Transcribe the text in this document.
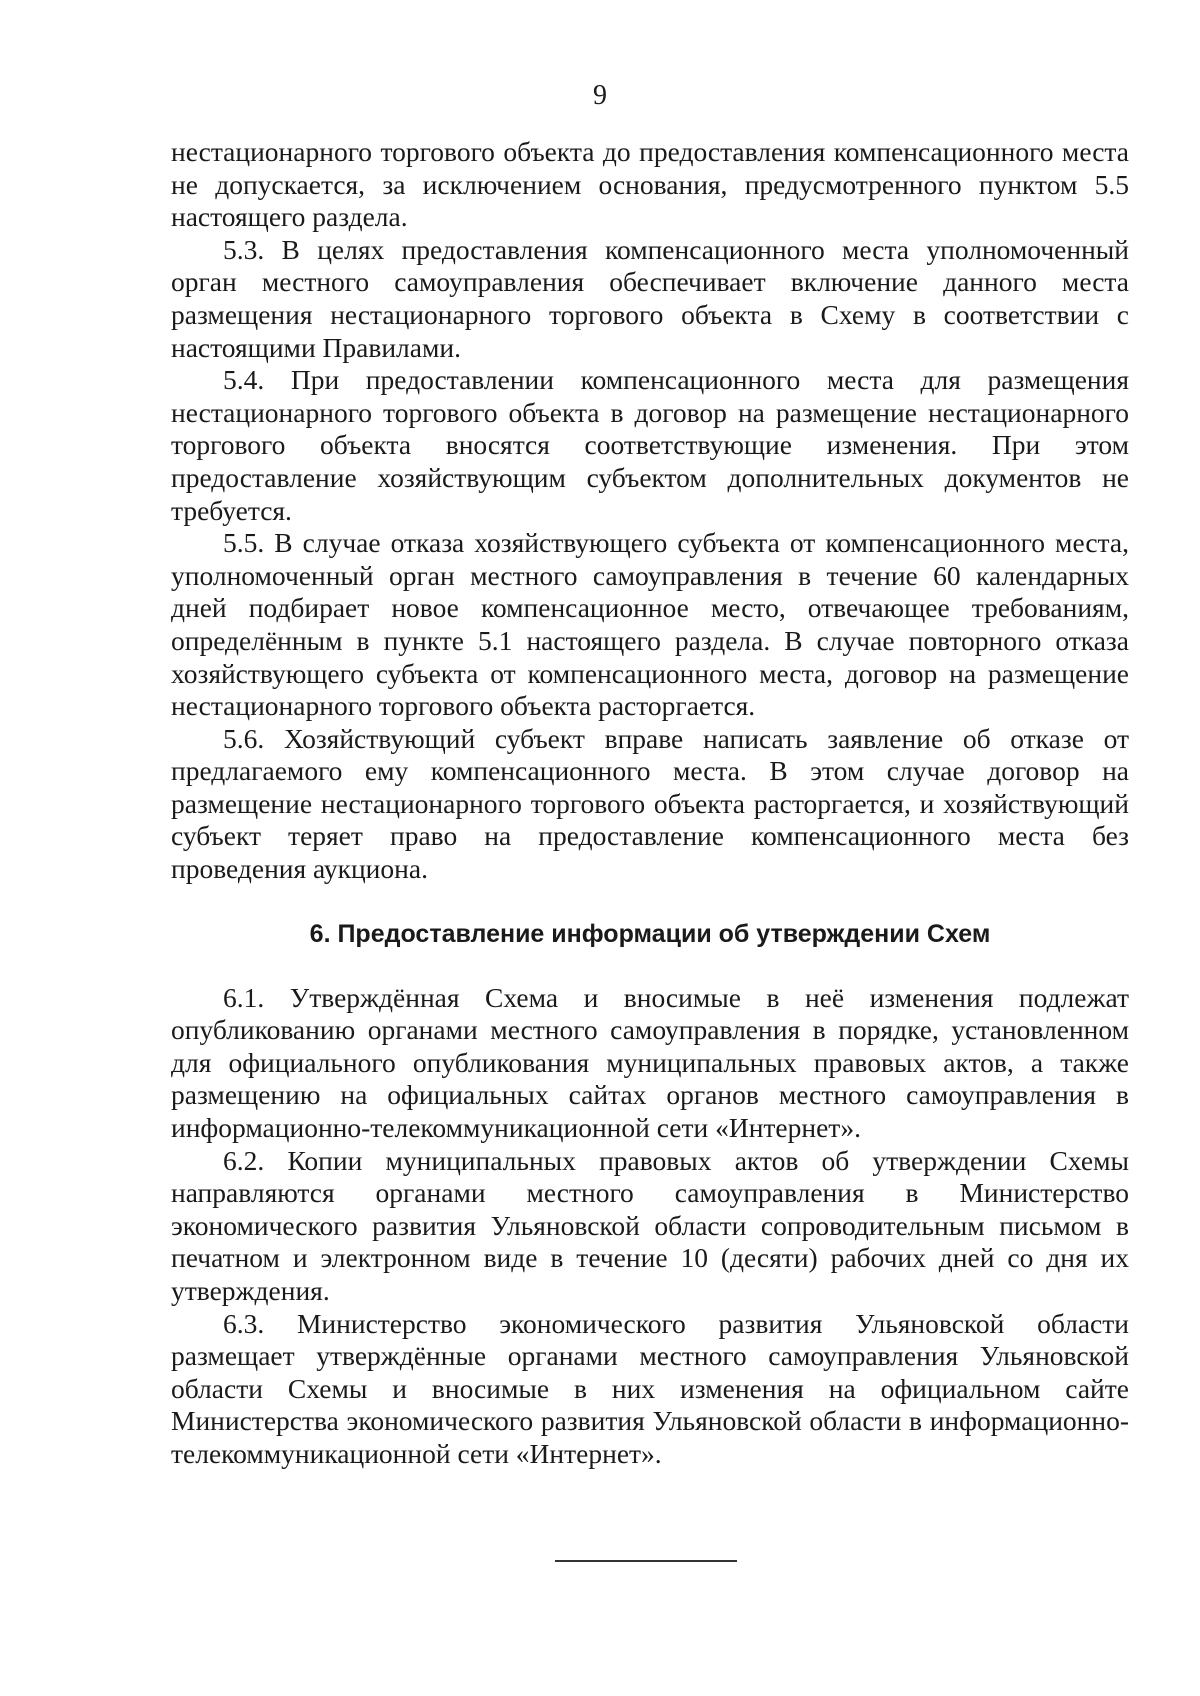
9

нестационарного торгового объекта до предоставления компенсационного места не допускается, за исключением основания, предусмотренного пунктом 5.5 настоящего раздела.

5.3. В целях предоставления компенсационного места уполномоченный орган местного самоуправления обеспечивает включение данного места размещения нестационарного торгового объекта в Схему в соответствии с настоящими Правилами.

5.4. При предоставлении компенсационного места для размещения нестационарного торгового объекта в договор на размещение нестационарного торгового объекта вносятся соответствующие изменения. При этом предоставление хозяйствующим субъектом дополнительных документов не требуется.

5.5. В случае отказа хозяйствующего субъекта от компенсационного места, уполномоченный орган местного самоуправления в течение 60 календарных дней подбирает новое компенсационное место, отвечающее требованиям, определённым в пункте 5.1 настоящего раздела. В случае повторного отказа хозяйствующего субъекта от компенсационного места, договор на размещение нестационарного торгового объекта расторгается.

5.6. Хозяйствующий субъект вправе написать заявление об отказе от предлагаемого ему компенсационного места. В этом случае договор на размещение нестационарного торгового объекта расторгается, и хозяйствующий субъект теряет право на предоставление компенсационного места без проведения аукциона.

6. Предоставление информации об утверждении Схем

6.1. Утверждённая Схема и вносимые в неё изменения подлежат опубликованию органами местного самоуправления в порядке, установленном для официального опубликования муниципальных правовых актов, а также размещению на официальных сайтах органов местного самоуправления в информационно-телекоммуникационной сети «Интернет».

6.2. Копии муниципальных правовых актов об утверждении Схемы направляются органами местного самоуправления в Министерство экономического развития Ульяновской области сопроводительным письмом в печатном и электронном виде в течение 10 (десяти) рабочих дней со дня их утверждения.

6.3. Министерство экономического развития Ульяновской области размещает утверждённые органами местного самоуправления Ульяновской области Схемы и вносимые в них изменения на официальном сайте Министерства экономического развития Ульяновской области в информационно-телекоммуникационной сети «Интернет».
